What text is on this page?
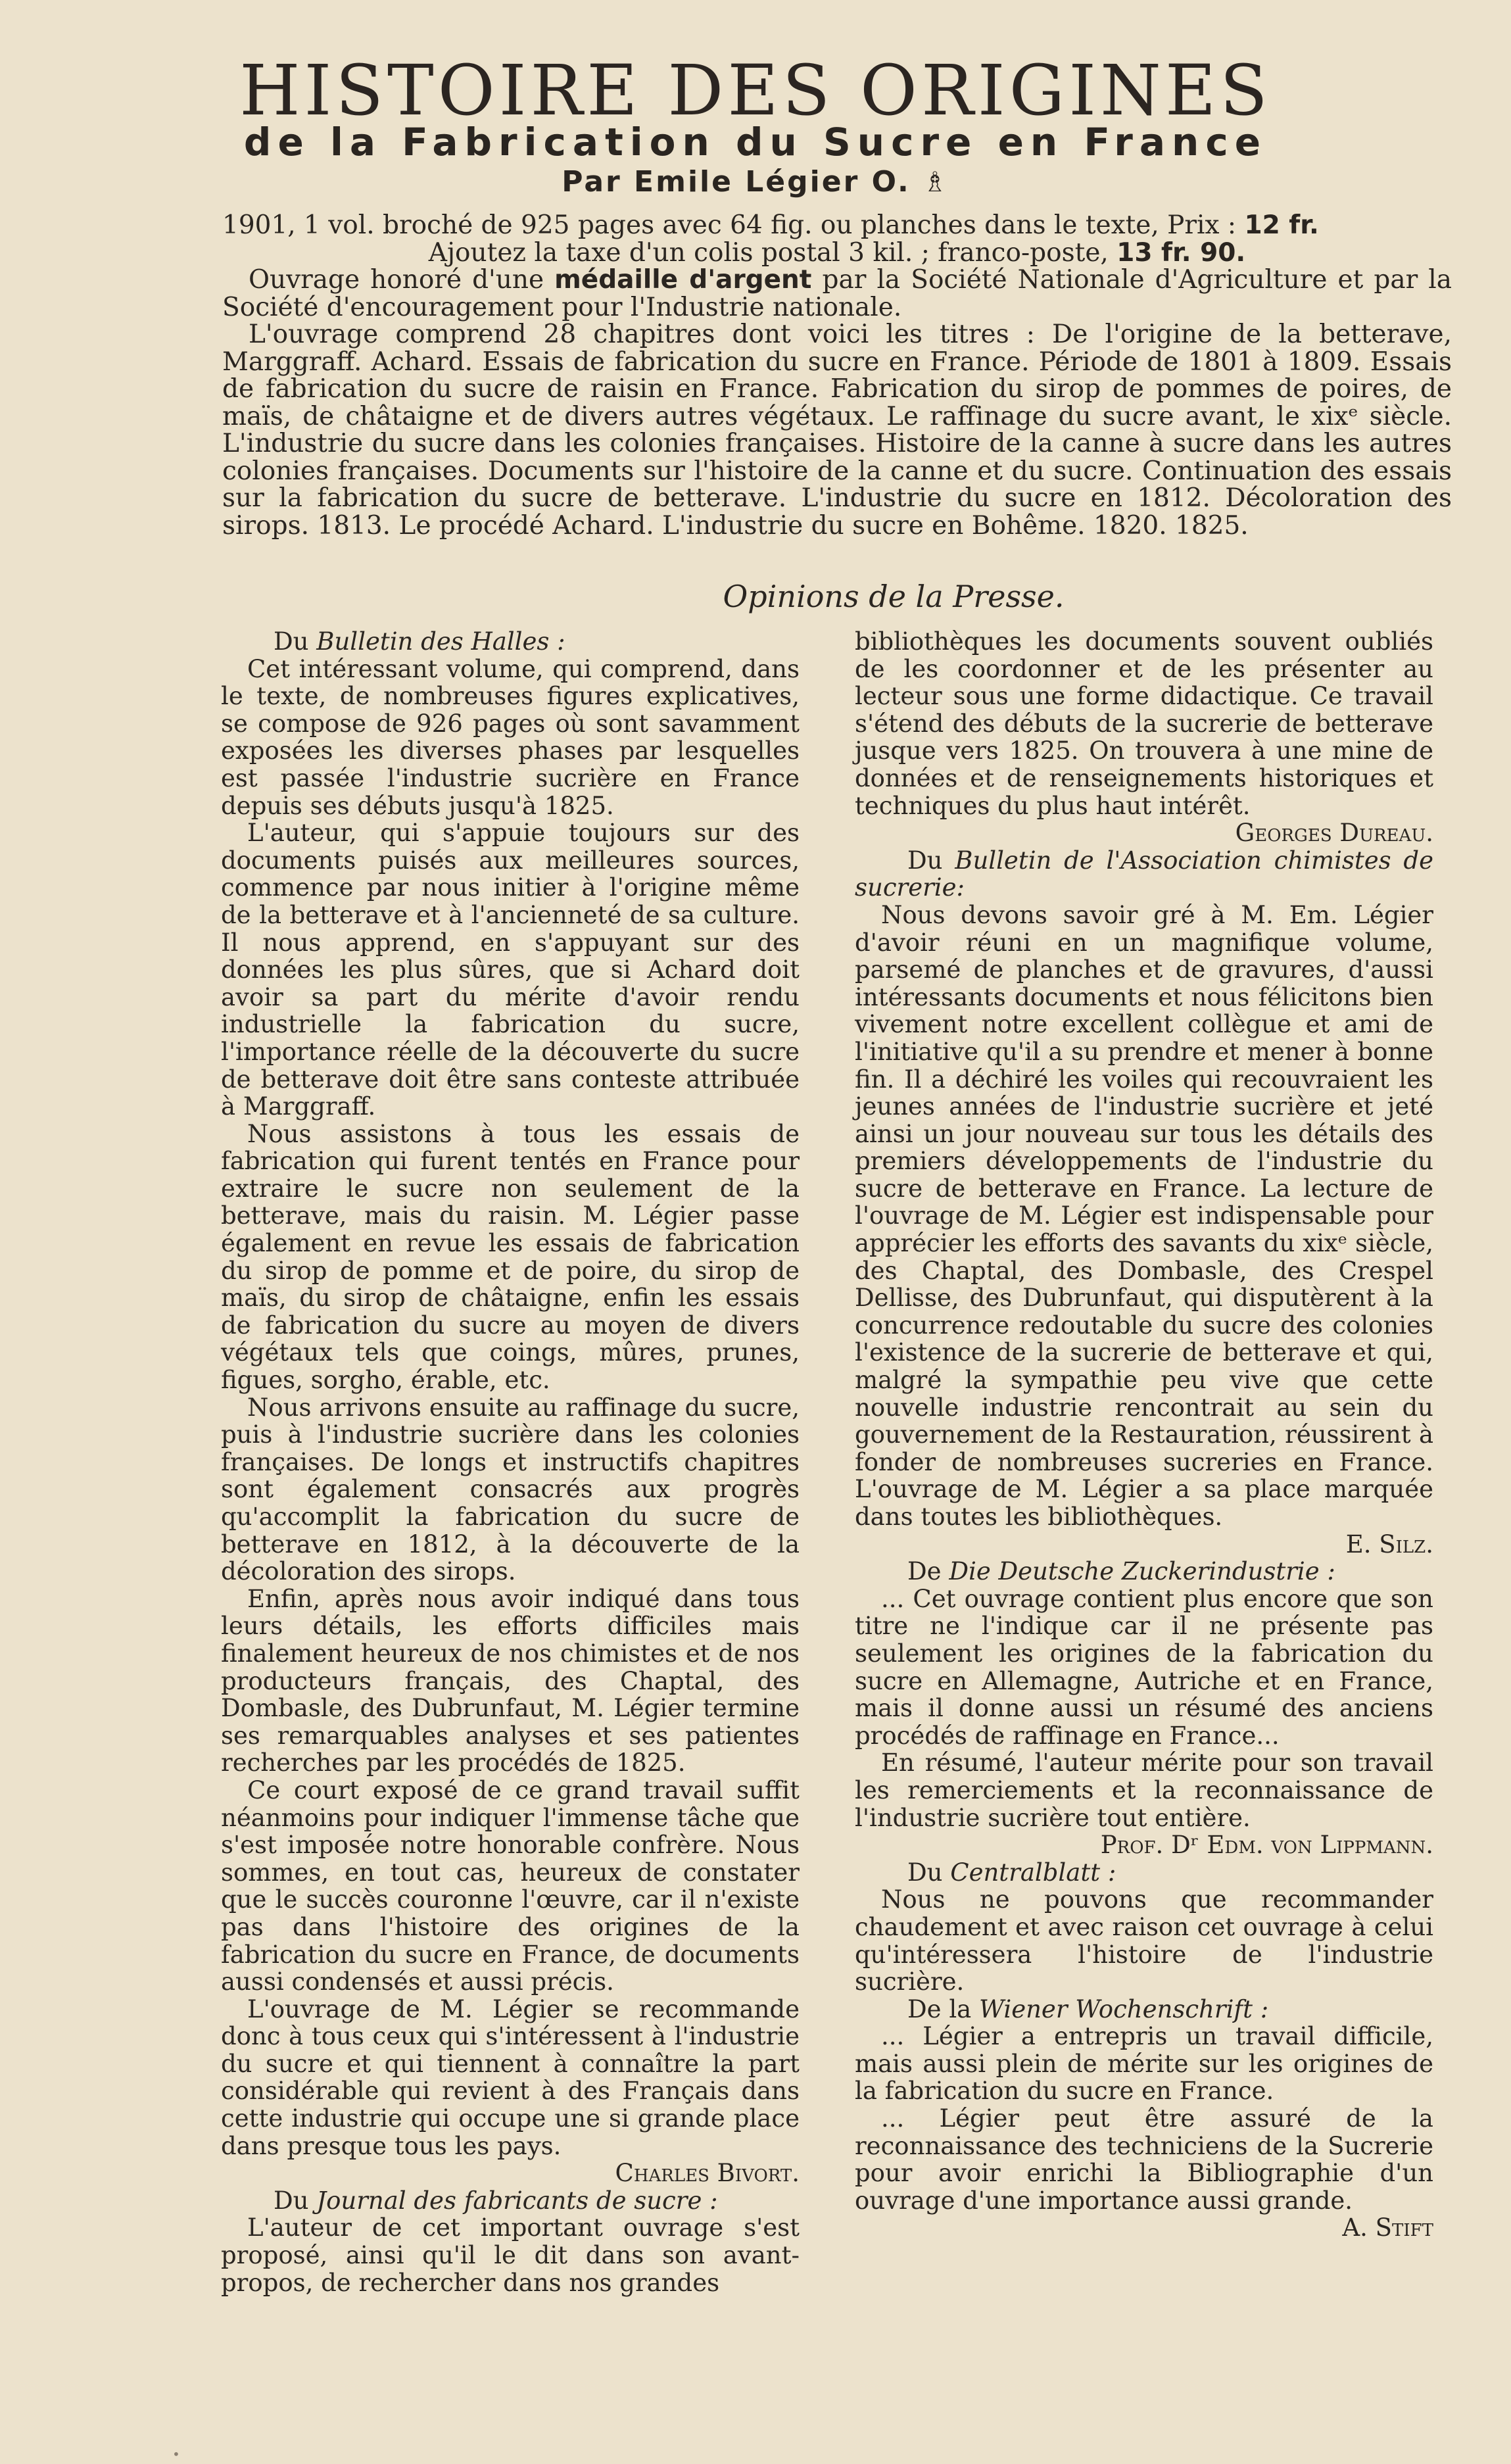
HISTOIRE DES ORIGINES
de la Fabrication du Sucre en France
Par Emile Légier O. ♗

1901, 1 vol. broché de 925 pages avec 64 fig. ou planches dans le texte, Prix : 12 fr.

Ajoutez la taxe d'un colis postal 3 kil. ; franco-poste, 13 fr. 90.

Ouvrage honoré d'une médaille d'argent par la Société Nationale d'Agriculture et par la Société d'encouragement pour l'Industrie nationale.

L'ouvrage comprend 28 chapitres dont voici les titres : De l'origine de la betterave, Marggraff. Achard. Essais de fabrication du sucre en France. Période de 1801 à 1809. Essais de fabrication du sucre de raisin en France. Fabrication du sirop de pommes de poires, de maïs, de châtaigne et de divers autres végétaux. Le raffinage du sucre avant, le xixᵉ siècle. L'industrie du sucre dans les colonies françaises. Histoire de la canne à sucre dans les autres colonies françaises. Documents sur l'histoire de la canne et du sucre. Continuation des essais sur la fabrication du sucre de betterave. L'industrie du sucre en 1812. Décoloration des sirops. 1813. Le procédé Achard. L'industrie du sucre en Bohême. 1820. 1825.

Opinions de la Presse.

Du Bulletin des Halles :

Cet intéressant volume, qui comprend, dans le texte, de nombreuses figures explicatives, se compose de 926 pages où sont savamment exposées les diverses phases par lesquelles est passée l'industrie sucrière en France depuis ses débuts jusqu'à 1825.

L'auteur, qui s'appuie toujours sur des documents puisés aux meilleures sources, commence par nous initier à l'origine même de la betterave et à l'ancienneté de sa culture. Il nous apprend, en s'appuyant sur des données les plus sûres, que si Achard doit avoir sa part du mérite d'avoir rendu industrielle la fabrication du sucre, l'importance réelle de la découverte du sucre de betterave doit être sans conteste attribuée à Marggraff.

Nous assistons à tous les essais de fabrication qui furent tentés en France pour extraire le sucre non seulement de la betterave, mais du raisin. M. Légier passe également en revue les essais de fabrication du sirop de pomme et de poire, du sirop de maïs, du sirop de châtaigne, enfin les essais de fabrication du sucre au moyen de divers végétaux tels que coings, mûres, prunes, figues, sorgho, érable, etc.

Nous arrivons ensuite au raffinage du sucre, puis à l'industrie sucrière dans les colonies françaises. De longs et instructifs chapitres sont également consacrés aux progrès qu'accomplit la fabrication du sucre de betterave en 1812, à la découverte de la décoloration des sirops.

Enfin, après nous avoir indiqué dans tous leurs détails, les efforts difficiles mais finalement heureux de nos chimistes et de nos producteurs français, des Chaptal, des Dombasle, des Dubrunfaut, M. Légier termine ses remarquables analyses et ses patientes recherches par les procédés de 1825.

Ce court exposé de ce grand travail suffit néanmoins pour indiquer l'immense tâche que s'est imposée notre honorable confrère. Nous sommes, en tout cas, heureux de constater que le succès couronne l'œuvre, car il n'existe pas dans l'histoire des origines de la fabrication du sucre en France, de documents aussi condensés et aussi précis.

L'ouvrage de M. Légier se recommande donc à tous ceux qui s'intéressent à l'industrie du sucre et qui tiennent à connaître la part considérable qui revient à des Français dans cette industrie qui occupe une si grande place dans presque tous les pays.

Charles Bivort.

Du Journal des fabricants de sucre :

L'auteur de cet important ouvrage s'est proposé, ainsi qu'il le dit dans son avant-propos, de rechercher dans nos grandes

bibliothèques les documents souvent oubliés de les coordonner et de les présenter au lecteur sous une forme didactique. Ce travail s'étend des débuts de la sucrerie de betterave jusque vers 1825. On trouvera à une mine de données et de renseignements historiques et techniques du plus haut intérêt.

Georges Dureau.

Du Bulletin de l'Association chimistes de sucrerie:

Nous devons savoir gré à M. Em. Légier d'avoir réuni en un magnifique volume, parsemé de planches et de gravures, d'aussi intéressants documents et nous félicitons bien vivement notre excellent collègue et ami de l'initiative qu'il a su prendre et mener à bonne fin. Il a déchiré les voiles qui recouvraient les jeunes années de l'industrie sucrière et jeté ainsi un jour nouveau sur tous les détails des premiers développements de l'industrie du sucre de betterave en France. La lecture de l'ouvrage de M. Légier est indispensable pour apprécier les efforts des savants du xixᵉ siècle, des Chaptal, des Dombasle, des Crespel Dellisse, des Dubrunfaut, qui disputèrent à la concurrence redoutable du sucre des colonies l'existence de la sucrerie de betterave et qui, malgré la sympathie peu vive que cette nouvelle industrie rencontrait au sein du gouvernement de la Restauration, réussirent à fonder de nombreuses sucreries en France. L'ouvrage de M. Légier a sa place marquée dans toutes les bibliothèques.

E. Silz.

De Die Deutsche Zuckerindustrie :

... Cet ouvrage contient plus encore que son titre ne l'indique car il ne présente pas seulement les origines de la fabrication du sucre en Allemagne, Autriche et en France, mais il donne aussi un résumé des anciens procédés de raffinage en France...

En résumé, l'auteur mérite pour son travail les remerciements et la reconnaissance de l'industrie sucrière tout entière.

Prof. Dʳ Edm. von Lippmann.

Du Centralblatt :

Nous ne pouvons que recommander chaudement et avec raison cet ouvrage à celui qu'intéressera l'histoire de l'industrie sucrière.

De la Wiener Wochenschrift :

... Légier a entrepris un travail difficile, mais aussi plein de mérite sur les origines de la fabrication du sucre en France.

... Légier peut être assuré de la reconnaissance des techniciens de la Sucrerie pour avoir enrichi la Bibliographie d'un ouvrage d'une importance aussi grande.

A. Stift
•
